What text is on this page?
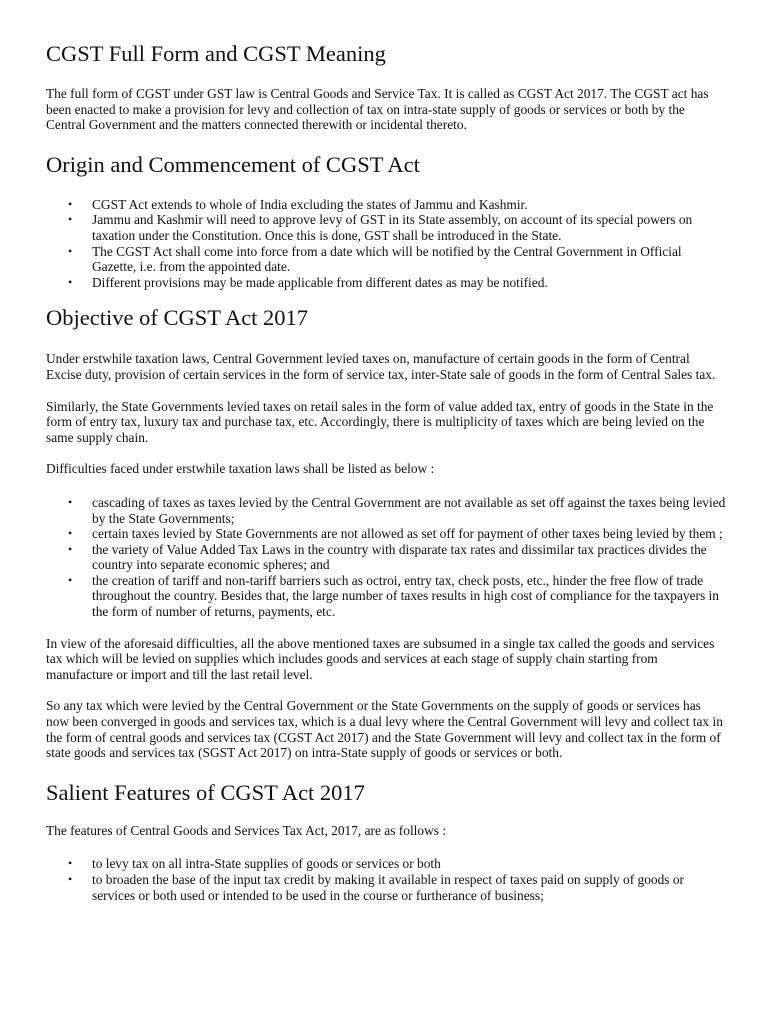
CGST Full Form and CGST Meaning

The full form of CGST under GST law is Central Goods and Service Tax. It is called as CGST Act 2017. The CGST act has been enacted to make a provision for levy and collection of tax on intra-state supply of goods or services or both by the Central Government and the matters connected therewith or incidental thereto.

Origin and Commencement of CGST Act
• CGST Act extends to whole of India excluding the states of Jammu and Kashmir.
• Jammu and Kashmir will need to approve levy of GST in its State assembly, on account of its special powers on taxation under the Constitution. Once this is done, GST shall be introduced in the State.
• The CGST Act shall come into force from a date which will be notified by the Central Government in Official Gazette, i.e. from the appointed date.
• Different provisions may be made applicable from different dates as may be notified.
Objective of CGST Act 2017

Under erstwhile taxation laws, Central Government levied taxes on, manufacture of certain goods in the form of Central Excise duty, provision of certain services in the form of service tax, inter-State sale of goods in the form of Central Sales tax.

Similarly, the State Governments levied taxes on retail sales in the form of value added tax, entry of goods in the State in the form of entry tax, luxury tax and purchase tax, etc. Accordingly, there is multiplicity of taxes which are being levied on the same supply chain.

Difficulties faced under erstwhile taxation laws shall be listed as below :

• cascading of taxes as taxes levied by the Central Government are not available as set off against the taxes being levied by the State Governments;
• certain taxes levied by State Governments are not allowed as set off for payment of other taxes being levied by them ;
• the variety of Value Added Tax Laws in the country with disparate tax rates and dissimilar tax practices divides the country into separate economic spheres; and
• the creation of tariff and non-tariff barriers such as octroi, entry tax, check posts, etc., hinder the free flow of trade throughout the country. Besides that, the large number of taxes results in high cost of compliance for the taxpayers in the form of number of returns, payments, etc.

In view of the aforesaid difficulties, all the above mentioned taxes are subsumed in a single tax called the goods and services tax which will be levied on supplies which includes goods and services at each stage of supply chain starting from manufacture or import and till the last retail level.

So any tax which were levied by the Central Government or the State Governments on the supply of goods or services has now been converged in goods and services tax, which is a dual levy where the Central Government will levy and collect tax in the form of central goods and services tax (CGST Act 2017) and the State Government will levy and collect tax in the form of state goods and services tax (SGST Act 2017) on intra-State supply of goods or services or both.

Salient Features of CGST Act 2017

The features of Central Goods and Services Tax Act, 2017, are as follows :

• to levy tax on all intra-State supplies of goods or services or both
• to broaden the base of the input tax credit by making it available in respect of taxes paid on supply of goods or services or both used or intended to be used in the course or furtherance of business;
